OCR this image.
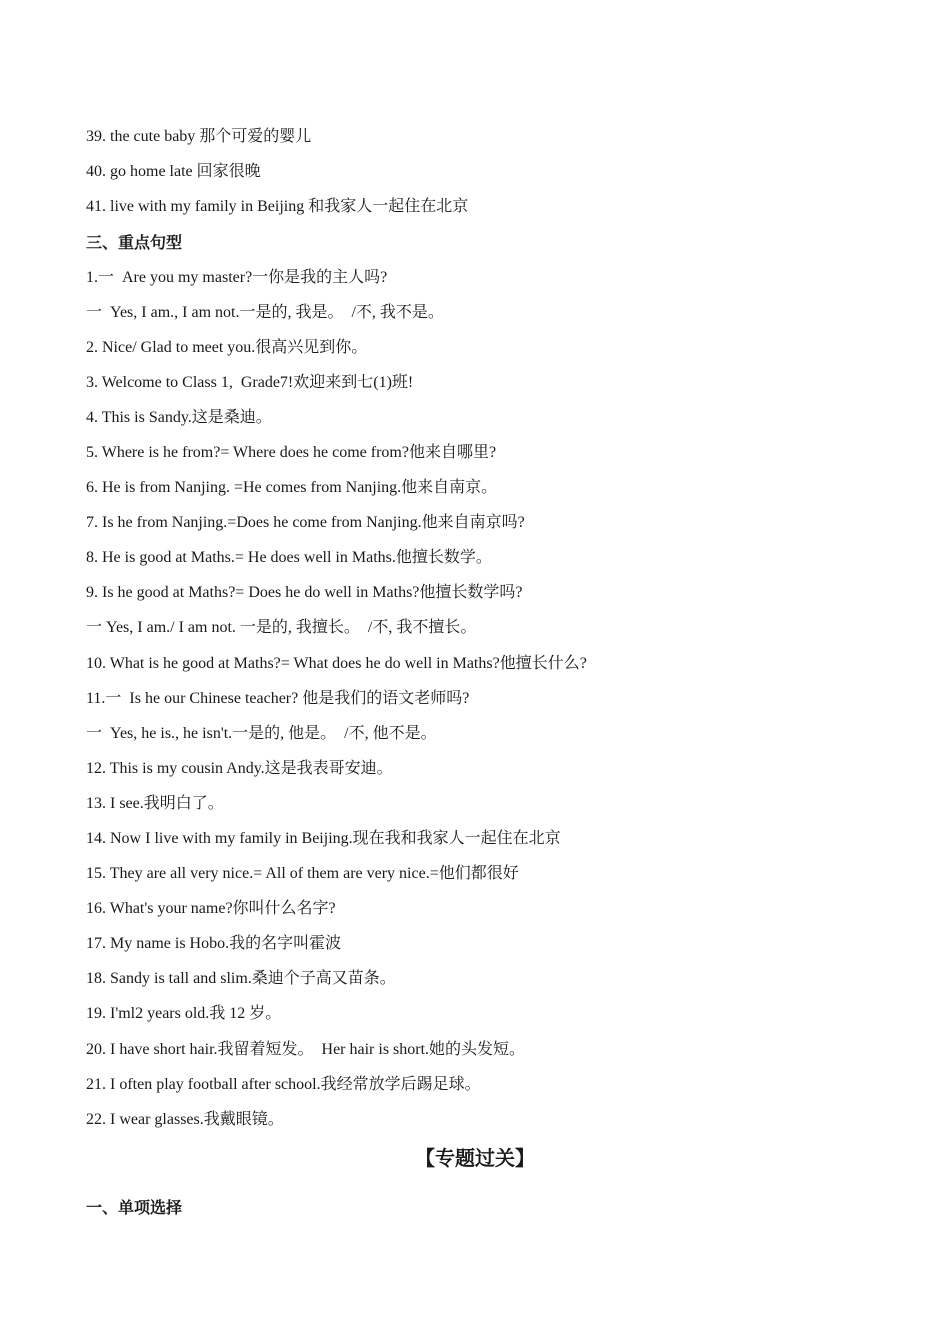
39. the cute baby 那个可爱的婴儿
40. go home late 回家很晚
41. live with my family in Beijing 和我家人一起住在北京
三、重点句型
1.一  Are you my master?一你是我的主人吗?
一  Yes, I am., I am not.一是的, 我是。  /不, 我不是。
2. Nice/ Glad to meet you.很高兴见到你。
3. Welcome to Class 1,  Grade7!欢迎来到七(1)班!
4. This is Sandy.这是桑迪。
5. Where is he from?= Where does he come from?他来自哪里?
6. He is from Nanjing. =He comes from Nanjing.他来自南京。
7. Is he from Nanjing.=Does he come from Nanjing.他来自南京吗?
8. He is good at Maths.= He does well in Maths.他擅长数学。
9. Is he good at Maths?= Does he do well in Maths?他擅长数学吗?
一 Yes, I am./ I am not. 一是的, 我擅长。  /不, 我不擅长。
10. What is he good at Maths?= What does he do well in Maths?他擅长什么?
11.一  Is he our Chinese teacher? 他是我们的语文老师吗?
一  Yes, he is., he isn't.一是的, 他是。  /不, 他不是。
12. This is my cousin Andy.这是我表哥安迪。
13. I see.我明白了。
14. Now I live with my family in Beijing.现在我和我家人一起住在北京
15. They are all very nice.= All of them are very nice.=他们都很好
16. What's your name?你叫什么名字?
17. My name is Hobo.我的名字叫霍波
18. Sandy is tall and slim.桑迪个子高又苗条。
19. I'ml2 years old.我 12 岁。
20. I have short hair.我留着短发。  Her hair is short.她的头发短。
21. I often play football after school.我经常放学后踢足球。
22. I wear glasses.我戴眼镜。
【专题过关】
一、单项选择
